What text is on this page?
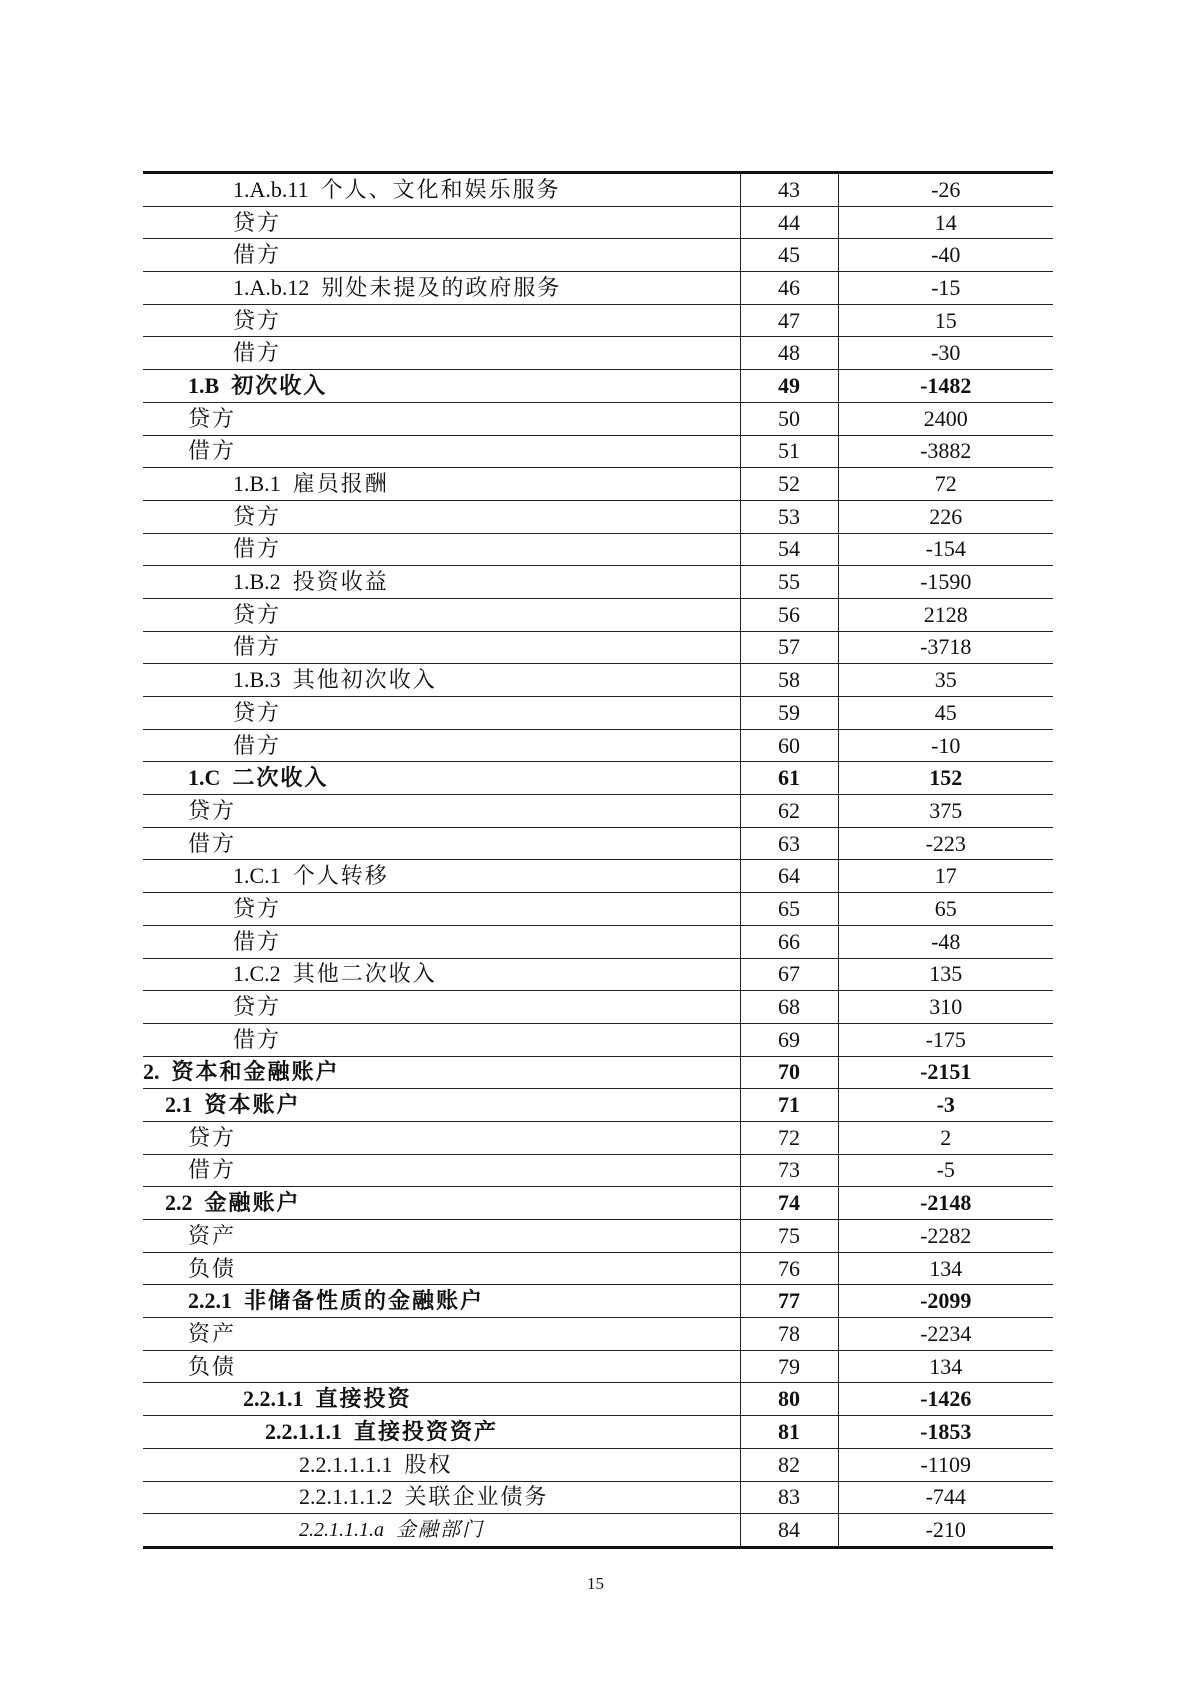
1.A.b.11 个人、文化和娱乐服务	43	-26
贷方	44	14
借方	45	-40
1.A.b.12 别处未提及的政府服务	46	-15
贷方	47	15
借方	48	-30
1.B 初次收入	49	-1482
贷方	50	2400
借方	51	-3882
1.B.1 雇员报酬	52	72
贷方	53	226
借方	54	-154
1.B.2 投资收益	55	-1590
贷方	56	2128
借方	57	-3718
1.B.3 其他初次收入	58	35
贷方	59	45
借方	60	-10
1.C 二次收入	61	152
贷方	62	375
借方	63	-223
1.C.1 个人转移	64	17
贷方	65	65
借方	66	-48
1.C.2 其他二次收入	67	135
贷方	68	310
借方	69	-175
2. 资本和金融账户	70	-2151
2.1 资本账户	71	-3
贷方	72	2
借方	73	-5
2.2 金融账户	74	-2148
资产	75	-2282
负债	76	134
2.2.1 非储备性质的金融账户	77	-2099
资产	78	-2234
负债	79	134
2.2.1.1 直接投资	80	-1426
2.2.1.1.1 直接投资资产	81	-1853
2.2.1.1.1.1 股权	82	-1109
2.2.1.1.1.2 关联企业债务	83	-744
2.2.1.1.1.a 金融部门	84	-210
15
